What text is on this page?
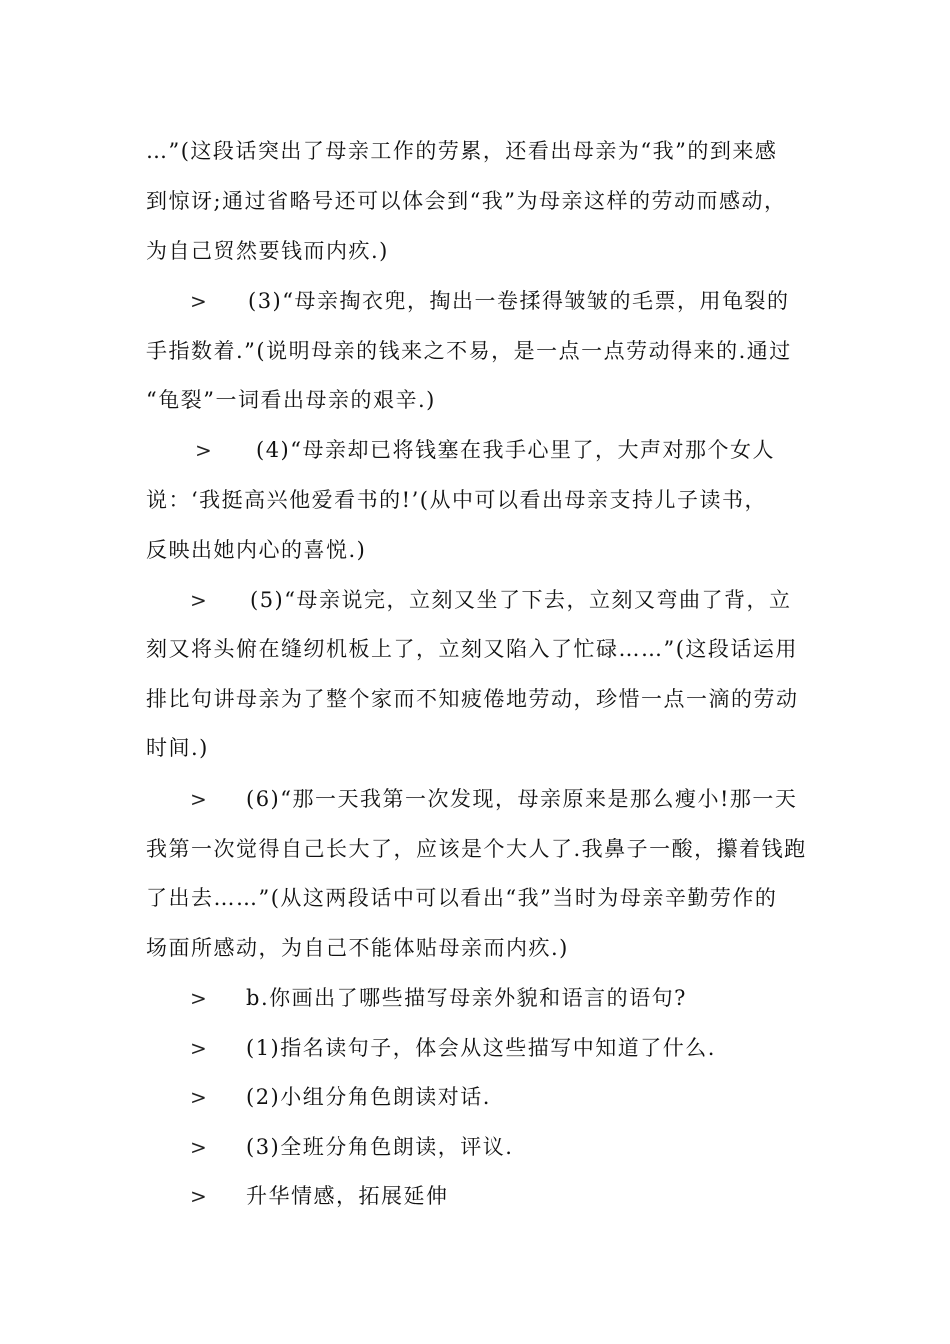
…”(这段话突出了母亲工作的劳累，还看出母亲为“我”的到来感
到惊讶;通过省略号还可以体会到“我”为母亲这样的劳动而感动，
为自己贸然要钱而内疚.)
> (3)“母亲掏衣兜，掏出一卷揉得皱皱的毛票，用龟裂的
手指数着.”(说明母亲的钱来之不易，是一点一点劳动得来的.通过
“龟裂”一词看出母亲的艰辛.)
> (4)“母亲却已将钱塞在我手心里了，大声对那个女人
说：‘我挺高兴他爱看书的!’(从中可以看出母亲支持儿子读书，
反映出她内心的喜悦.)
> (5)“母亲说完，立刻又坐了下去，立刻又弯曲了背，立
刻又将头俯在缝纫机板上了，立刻又陷入了忙碌……”(这段话运用
排比句讲母亲为了整个家而不知疲倦地劳动，珍惜一点一滴的劳动
时间.)
> (6)“那一天我第一次发现，母亲原来是那么瘦小!那一天
我第一次觉得自己长大了，应该是个大人了.我鼻子一酸，攥着钱跑
了出去……”(从这两段话中可以看出“我”当时为母亲辛勤劳作的
场面所感动，为自己不能体贴母亲而内疚.)
> b.你画出了哪些描写母亲外貌和语言的语句?
> (1)指名读句子，体会从这些描写中知道了什么.
> (2)小组分角色朗读对话.
> (3)全班分角色朗读，评议.
> 升华情感，拓展延伸
